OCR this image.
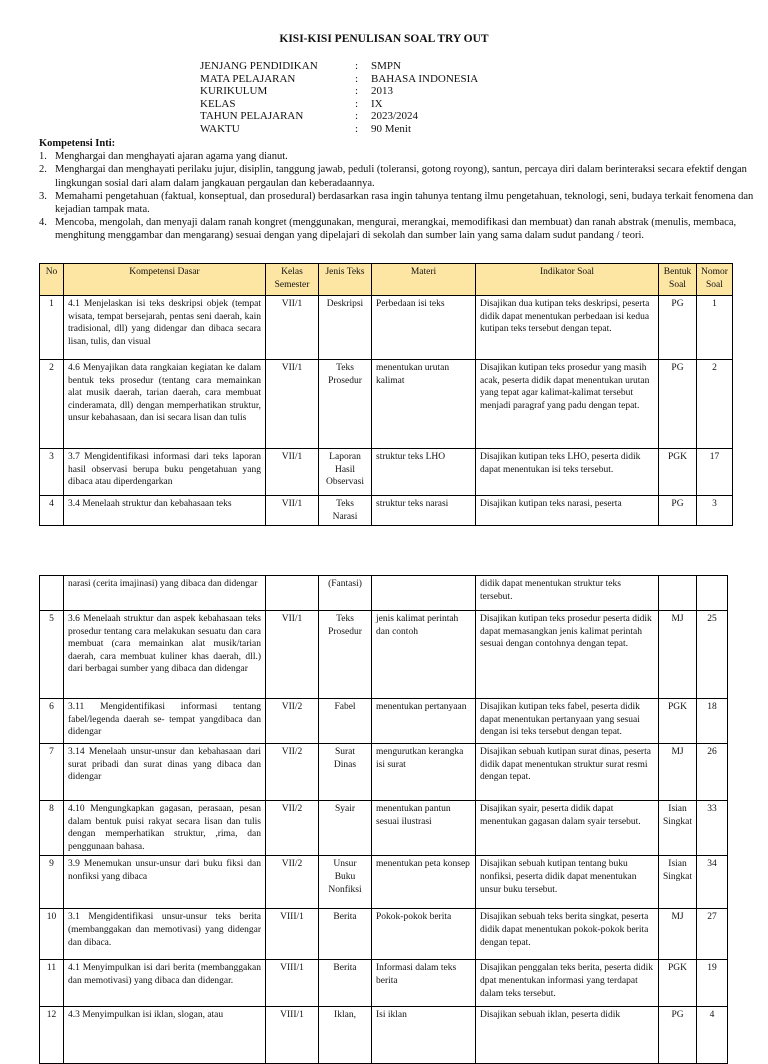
KISI-KISI PENULISAN SOAL TRY OUT
JENJANG PENDIDIKAN	:	SMPN
MATA PELAJARAN	:	BAHASA INDONESIA
KURIKULUM	:	2013
KELAS	:	IX
TAHUN PELAJARAN	:	2023/2024
WAKTU	:	90 Menit
Kompetensi Inti:
1. Menghargai dan menghayati ajaran agama yang dianut.
2. Menghargai dan menghayati perilaku jujur, disiplin, tanggung jawab, peduli (toleransi, gotong royong), santun, percaya diri dalam berinteraksi secara efektif dengan lingkungan sosial dari alam dalam jangkauan pergaulan dan keberadaannya.
3. Memahami pengetahuan (faktual, konseptual, dan prosedural) berdasarkan rasa ingin tahunya tentang ilmu pengetahuan, teknologi, seni, budaya terkait fenomena dan kejadian tampak mata.
4. Mencoba, mengolah, dan menyaji dalam ranah kongret (menggunakan, mengurai, merangkai, memodifikasi dan membuat) dan ranah abstrak (menulis, membaca, menghitung menggambar dan mengarang) sesuai dengan yang dipelajari di sekolah dan sumber lain yang sama dalam sudut pandang / teori.
No	Kompetensi Dasar	Kelas Semester	Jenis Teks	Materi	Indikator Soal	Bentuk Soal	Nomor Soal
1	4.1 Menjelaskan isi teks deskripsi objek (tempat wisata, tempat bersejarah, pentas seni daerah, kain tradisional, dll) yang didengar dan dibaca secara lisan, tulis, dan visual	VII/1	Deskripsi	Perbedaan isi teks	Disajikan dua kutipan teks deskripsi, peserta didik dapat menentukan perbedaan isi kedua kutipan teks tersebut dengan tepat.	PG	1
2	4.6 Menyajikan data rangkaian kegiatan ke dalam bentuk teks prosedur (tentang cara memainkan alat musik daerah, tarian daerah, cara membuat cinderamata, dll) dengan memperhatikan struktur, unsur kebahasaan, dan isi secara lisan dan tulis	VII/1	Teks Prosedur	menentukan urutan kalimat	Disajikan kutipan teks prosedur yang masih acak, peserta didik dapat menentukan urutan yang tepat agar kalimat-kalimat tersebut menjadi paragraf yang padu dengan tepat.	PG	2
3	3.7 Mengidentifikasi informasi dari teks laporan hasil observasi berupa buku pengetahuan yang dibaca atau diperdengarkan	VII/1	Laporan Hasil Observasi	struktur teks LHO	Disajikan kutipan teks LHO, peserta didik dapat menentukan isi teks tersebut.	PGK	17
4	3.4 Menelaah struktur dan kebahasaan teks	VII/1	Teks Narasi	struktur teks narasi	Disajikan kutipan teks narasi, peserta	PG	3
	narasi (cerita imajinasi) yang dibaca dan didengar		(Fantasi)		didik dapat menentukan struktur teks tersebut.		
5	3.6 Menelaah struktur dan aspek kebahasaan teks prosedur tentang cara melakukan sesuatu dan cara membuat (cara memainkan alat musik/tarian daerah, cara membuat kuliner khas daerah, dll.) dari berbagai sumber yang dibaca dan didengar	VII/1	Teks Prosedur	jenis kalimat perintah dan contoh	Disajikan kutipan teks prosedur peserta didik dapat memasangkan jenis kalimat perintah sesuai dengan contohnya dengan tepat.	MJ	25
6	3.11 Mengidentifikasi informasi tentang fabel/legenda daerah se- tempat yangdibaca dan didengar	VII/2	Fabel	menentukan pertanyaan	Disajikan kutipan teks fabel, peserta didik dapat menentukan pertanyaan yang sesuai dengan isi teks tersebut dengan tepat.	PGK	18
7	3.14 Menelaah unsur-unsur dan kebahasaan dari surat pribadi dan surat dinas yang dibaca dan didengar	VII/2	Surat Dinas	mengurutkan kerangka isi surat	Disajikan sebuah kutipan surat dinas, peserta didik dapat menentukan struktur surat resmi dengan tepat.	MJ	26
8	4.10 Mengungkapkan gagasan, perasaan, pesan dalam bentuk puisi rakyat secara lisan dan tulis dengan memperhatikan struktur, ,rima, dan penggunaan bahasa.	VII/2	Syair	menentukan pantun sesuai ilustrasi	Disajikan syair, peserta didik dapat menentukan gagasan dalam syair tersebut.	Isian Singkat	33
9	3.9 Menemukan unsur-unsur dari buku fiksi dan nonfiksi yang dibaca	VII/2	Unsur Buku Nonfiksi	menentukan peta konsep	Disajikan sebuah kutipan tentang buku nonfiksi, peserta didik dapat menentukan unsur buku tersebut.	Isian Singkat	34
10	3.1 Mengidentifikasi unsur-unsur teks berita (membanggakan dan memotivasi) yang didengar dan dibaca.	VIII/1	Berita	Pokok-pokok berita	Disajikan sebuah teks berita singkat, peserta didik dapat menentukan pokok-pokok berita dengan tepat.	MJ	27
11	4.1 Menyimpulkan isi dari berita (membanggakan dan memotivasi) yang dibaca dan didengar.	VIII/1	Berita	Informasi dalam teks berita	Disajikan penggalan teks berita, peserta didik dpat menentukan informasi yang terdapat dalam teks tersebut.	PGK	19
12	4.3 Menyimpulkan isi iklan, slogan, atau	VIII/1	Iklan,	Isi iklan	Disajikan sebuah iklan, peserta didik	PG	4
